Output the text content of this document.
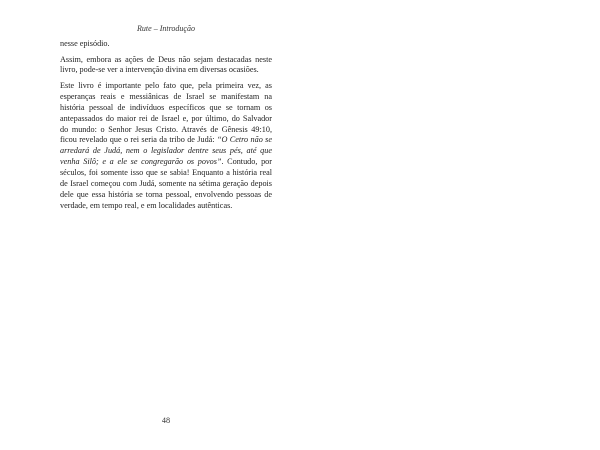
Rute – Introdução

nesse episódio.

Assim, embora as ações de Deus não sejam destacadas neste livro, pode-se ver a intervenção divina em diversas ocasiões.

Este livro é importante pelo fato que, pela primeira vez, as esperanças reais e messiânicas de Israel se manifestam na história pessoal de indivíduos específicos que se tornam os antepassados do maior rei de Israel e, por último, do Salvador do mundo: o Senhor Jesus Cristo. Através de Gênesis 49:10, ficou revelado que o rei seria da tribo de Judá: “O Cetro não se arredará de Judá, nem o legislador dentre seus pés, até que venha Silô; e a ele se congregarão os povos”. Contudo, por séculos, foi somente isso que se sabia! Enquanto a história real de Israel começou com Judá, somente na sétima geração depois dele que essa história se torna pessoal, envolvendo pessoas de verdade, em tempo real, e em localidades autênticas.

48
